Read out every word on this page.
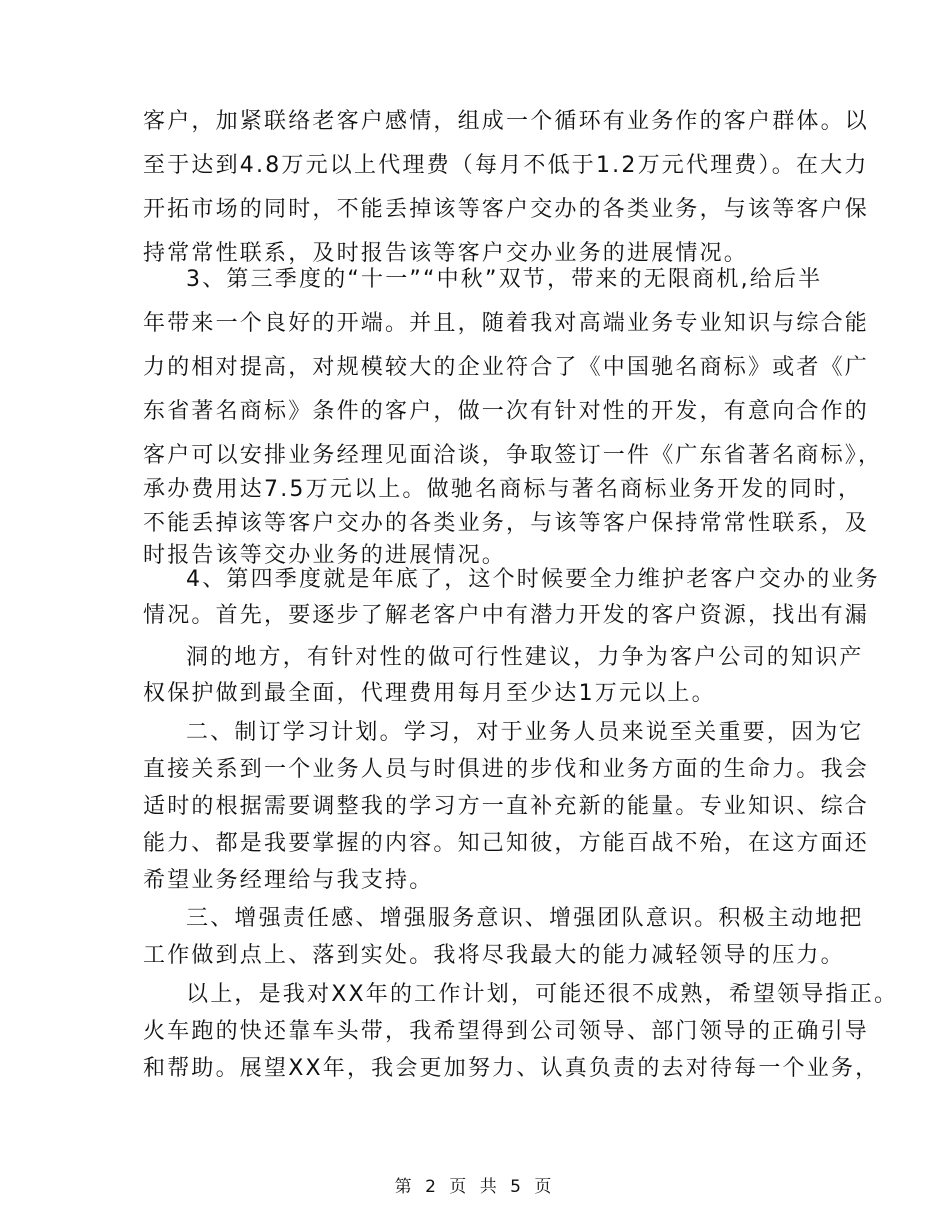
客户，加紧联络老客户感情，组成一个循环有业务作的客户群体。以

至于达到4.8万元以上代理费（每月不低于1.2万元代理费）。在大力

开拓市场的同时，不能丢掉该等客户交办的各类业务，与该等客户保

持常常性联系，及时报告该等客户交办业务的进展情况。

3、第三季度的“十一”“中秋”双节，带来的无限商机,给后半

年带来一个良好的开端。并且，随着我对高端业务专业知识与综合能

力的相对提高，对规模较大的企业符合了《中国驰名商标》或者《广

东省著名商标》条件的客户，做一次有针对性的开发，有意向合作的

客户可以安排业务经理见面洽谈，争取签订一件《广东省著名商标》，

承办费用达7.5万元以上。做驰名商标与著名商标业务开发的同时，

不能丢掉该等客户交办的各类业务，与该等客户保持常常性联系，及

时报告该等交办业务的进展情况。

4、第四季度就是年底了，这个时候要全力维护老客户交办的业务

情况。首先，要逐步了解老客户中有潜力开发的客户资源，找出有漏

洞的地方，有针对性的做可行性建议，力争为客户公司的知识产

权保护做到最全面，代理费用每月至少达1万元以上。

二、制订学习计划。学习，对于业务人员来说至关重要，因为它

直接关系到一个业务人员与时俱进的步伐和业务方面的生命力。我会

适时的根据需要调整我的学习方一直补充新的能量。专业知识、综合

能力、都是我要掌握的内容。知己知彼，方能百战不殆，在这方面还

希望业务经理给与我支持。

三、增强责任感、增强服务意识、增强团队意识。积极主动地把

工作做到点上、落到实处。我将尽我最大的能力减轻领导的压力。

以上，是我对XX年的工作计划，可能还很不成熟，希望领导指正。

火车跑的快还靠车头带，我希望得到公司领导、部门领导的正确引导

和帮助。展望XX年，我会更加努力、认真负责的去对待每一个业务，

第 2 页 共 5 页
